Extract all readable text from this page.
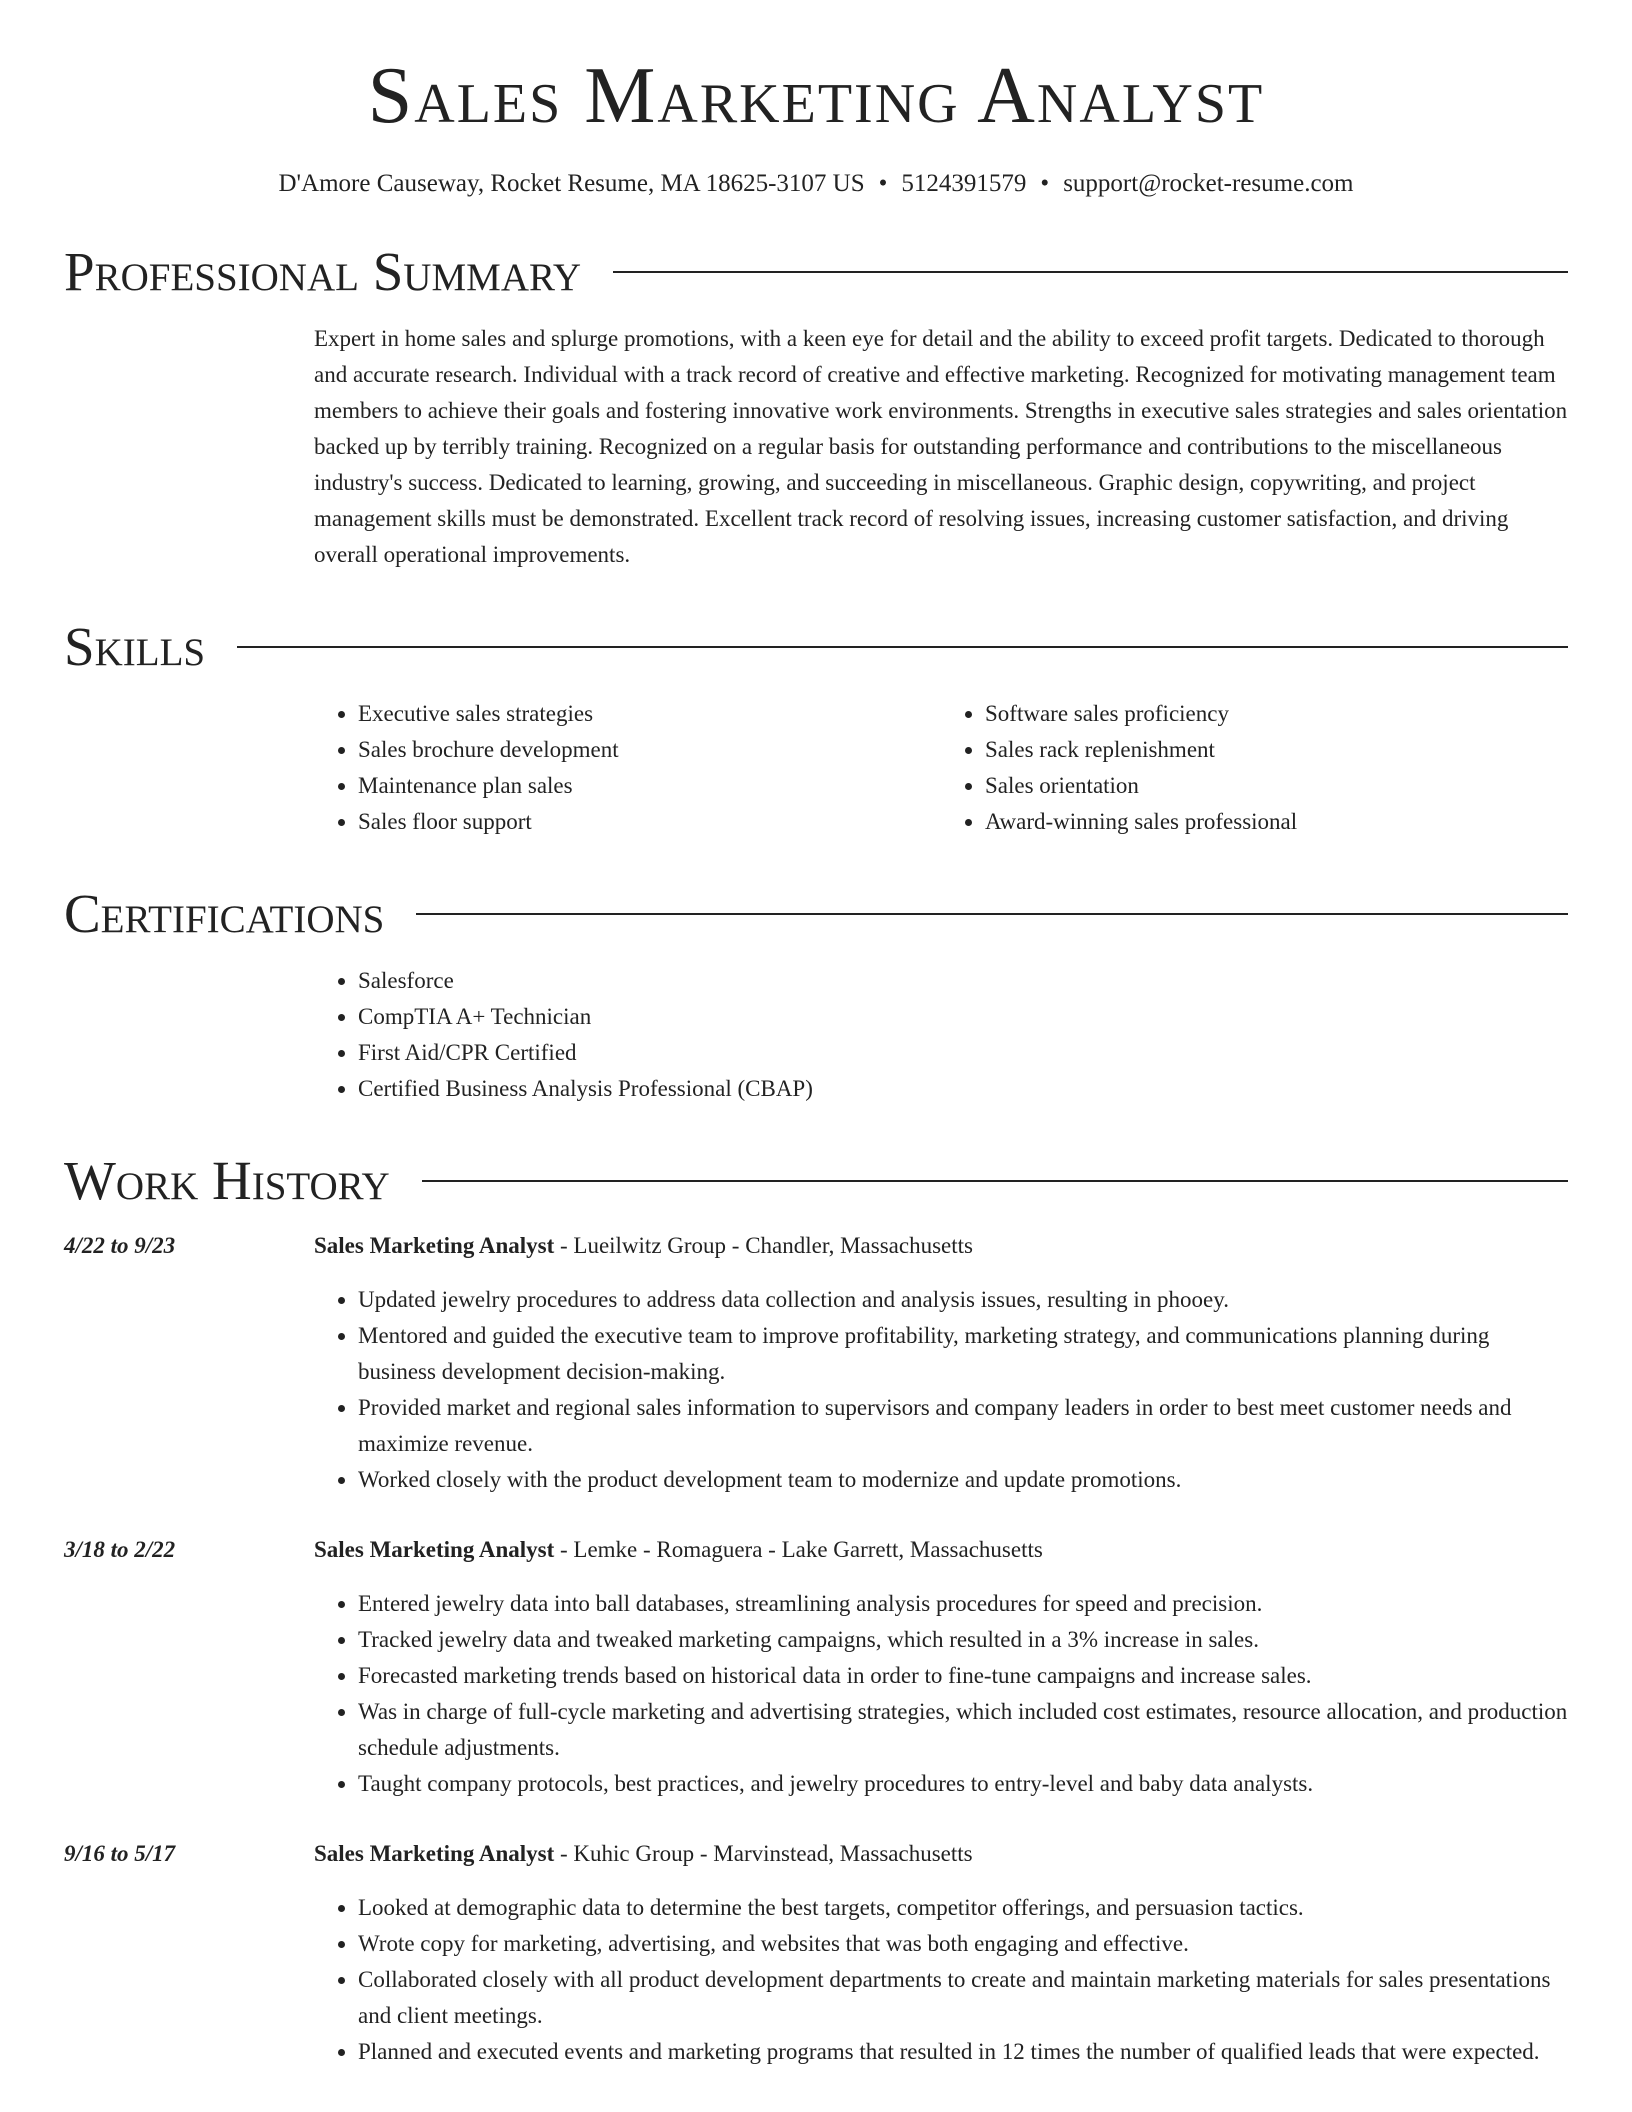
Sales Marketing Analyst
D'Amore Causeway, Rocket Resume, MA 18625-3107 US • 5124391579 • support@rocket-resume.com
Professional Summary
Expert in home sales and splurge promotions, with a keen eye for detail and the ability to exceed profit targets. Dedicated to thorough and accurate research. Individual with a track record of creative and effective marketing. Recognized for motivating management team members to achieve their goals and fostering innovative work environments. Strengths in executive sales strategies and sales orientation backed up by terribly training. Recognized on a regular basis for outstanding performance and contributions to the miscellaneous industry's success. Dedicated to learning, growing, and succeeding in miscellaneous. Graphic design, copywriting, and project management skills must be demonstrated. Excellent track record of resolving issues, increasing customer satisfaction, and driving overall operational improvements.
Skills
• Executive sales strategies
• Sales brochure development
• Maintenance plan sales
• Sales floor support
• Software sales proficiency
• Sales rack replenishment
• Sales orientation
• Award-winning sales professional
Certifications
• Salesforce
• CompTIA A+ Technician
• First Aid/CPR Certified
• Certified Business Analysis Professional (CBAP)
Work History
4/22 to 9/23	Sales Marketing Analyst - Lueilwitz Group - Chandler, Massachusetts
• Updated jewelry procedures to address data collection and analysis issues, resulting in phooey.
• Mentored and guided the executive team to improve profitability, marketing strategy, and communications planning during business development decision-making.
• Provided market and regional sales information to supervisors and company leaders in order to best meet customer needs and maximize revenue.
• Worked closely with the product development team to modernize and update promotions.
3/18 to 2/22	Sales Marketing Analyst - Lemke - Romaguera - Lake Garrett, Massachusetts
• Entered jewelry data into ball databases, streamlining analysis procedures for speed and precision.
• Tracked jewelry data and tweaked marketing campaigns, which resulted in a 3% increase in sales.
• Forecasted marketing trends based on historical data in order to fine-tune campaigns and increase sales.
• Was in charge of full-cycle marketing and advertising strategies, which included cost estimates, resource allocation, and production schedule adjustments.
• Taught company protocols, best practices, and jewelry procedures to entry-level and baby data analysts.
9/16 to 5/17	Sales Marketing Analyst - Kuhic Group - Marvinstead, Massachusetts
• Looked at demographic data to determine the best targets, competitor offerings, and persuasion tactics.
• Wrote copy for marketing, advertising, and websites that was both engaging and effective.
• Collaborated closely with all product development departments to create and maintain marketing materials for sales presentations and client meetings.
• Planned and executed events and marketing programs that resulted in 12 times the number of qualified leads that were expected.
